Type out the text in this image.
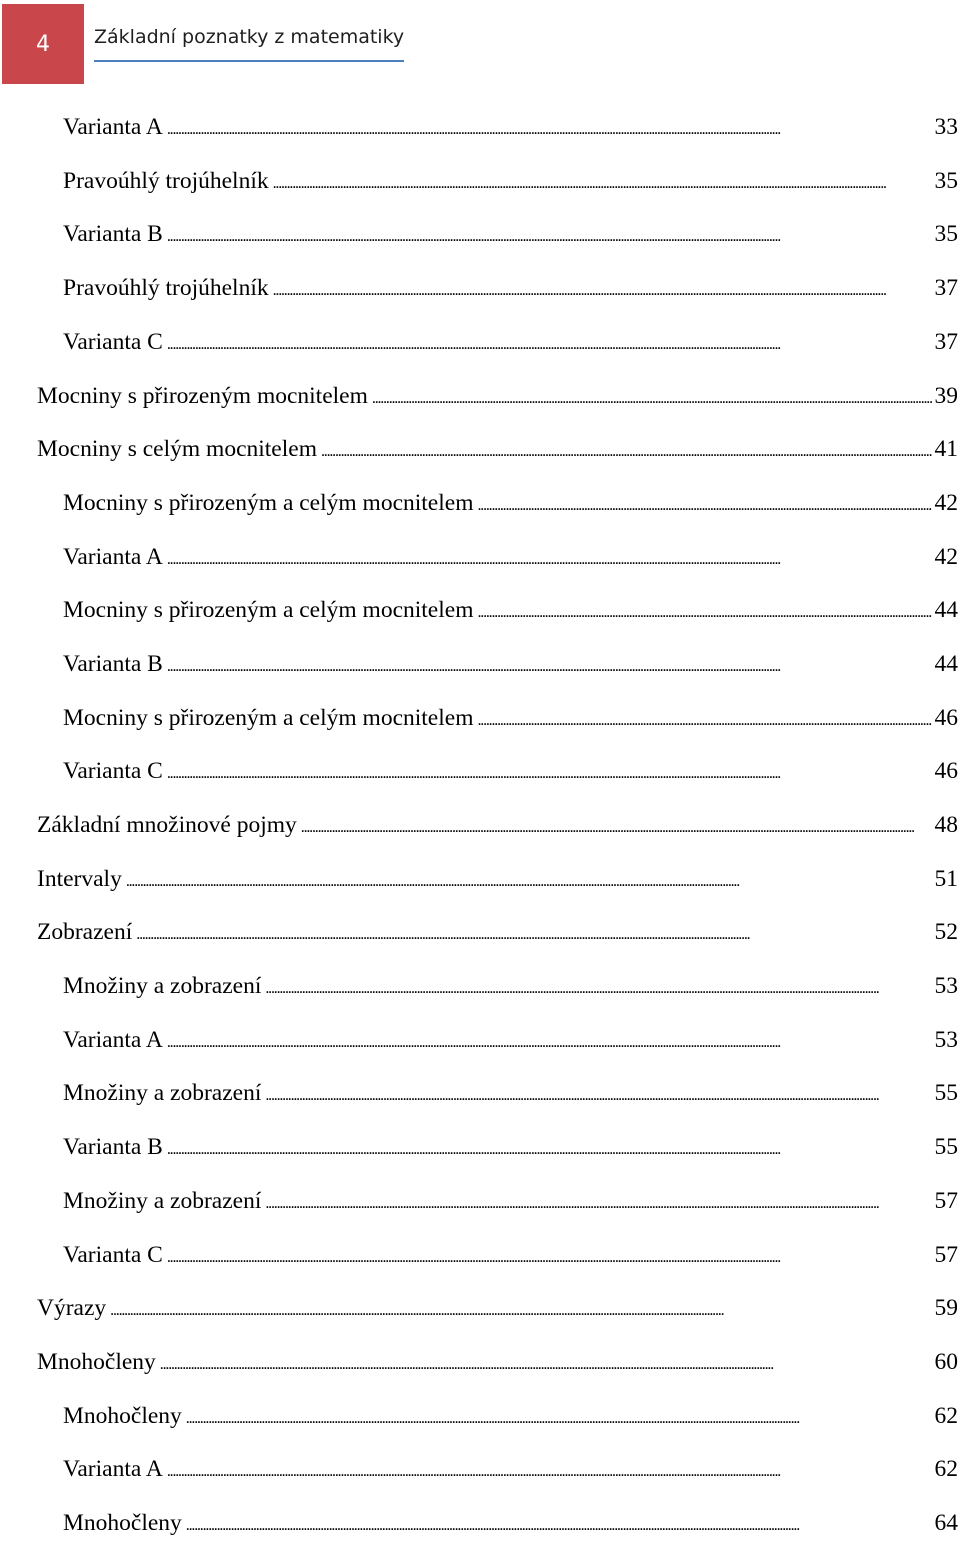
4 Základní poznatky z matematiky
Varianta A . . .	33
Pravoúhlý trojúhelník . . .	35
Varianta B . . .	35
Pravoúhlý trojúhelník . . .	37
Varianta C . . .	37
Mocniny s přirozeným mocnitelem . . .	39
Mocniny s celým mocnitelem . . .	41
Mocniny s přirozeným a celým mocnitelem . . .	42
Varianta A . . .	42
Mocniny s přirozeným a celým mocnitelem . . .	44
Varianta B . . .	44
Mocniny s přirozeným a celým mocnitelem . . .	46
Varianta C . . .	46
Základní množinové pojmy . . .	48
Intervaly . . .	51
Zobrazení . . .	52
Množiny a zobrazení . . .	53
Varianta A . . .	53
Množiny a zobrazení . . .	55
Varianta B . . .	55
Množiny a zobrazení . . .	57
Varianta C . . .	57
Výrazy . . .	59
Mnohočleny . . .	60
Mnohočleny . . .	62
Varianta A . . .	62
Mnohočleny . . .	64
